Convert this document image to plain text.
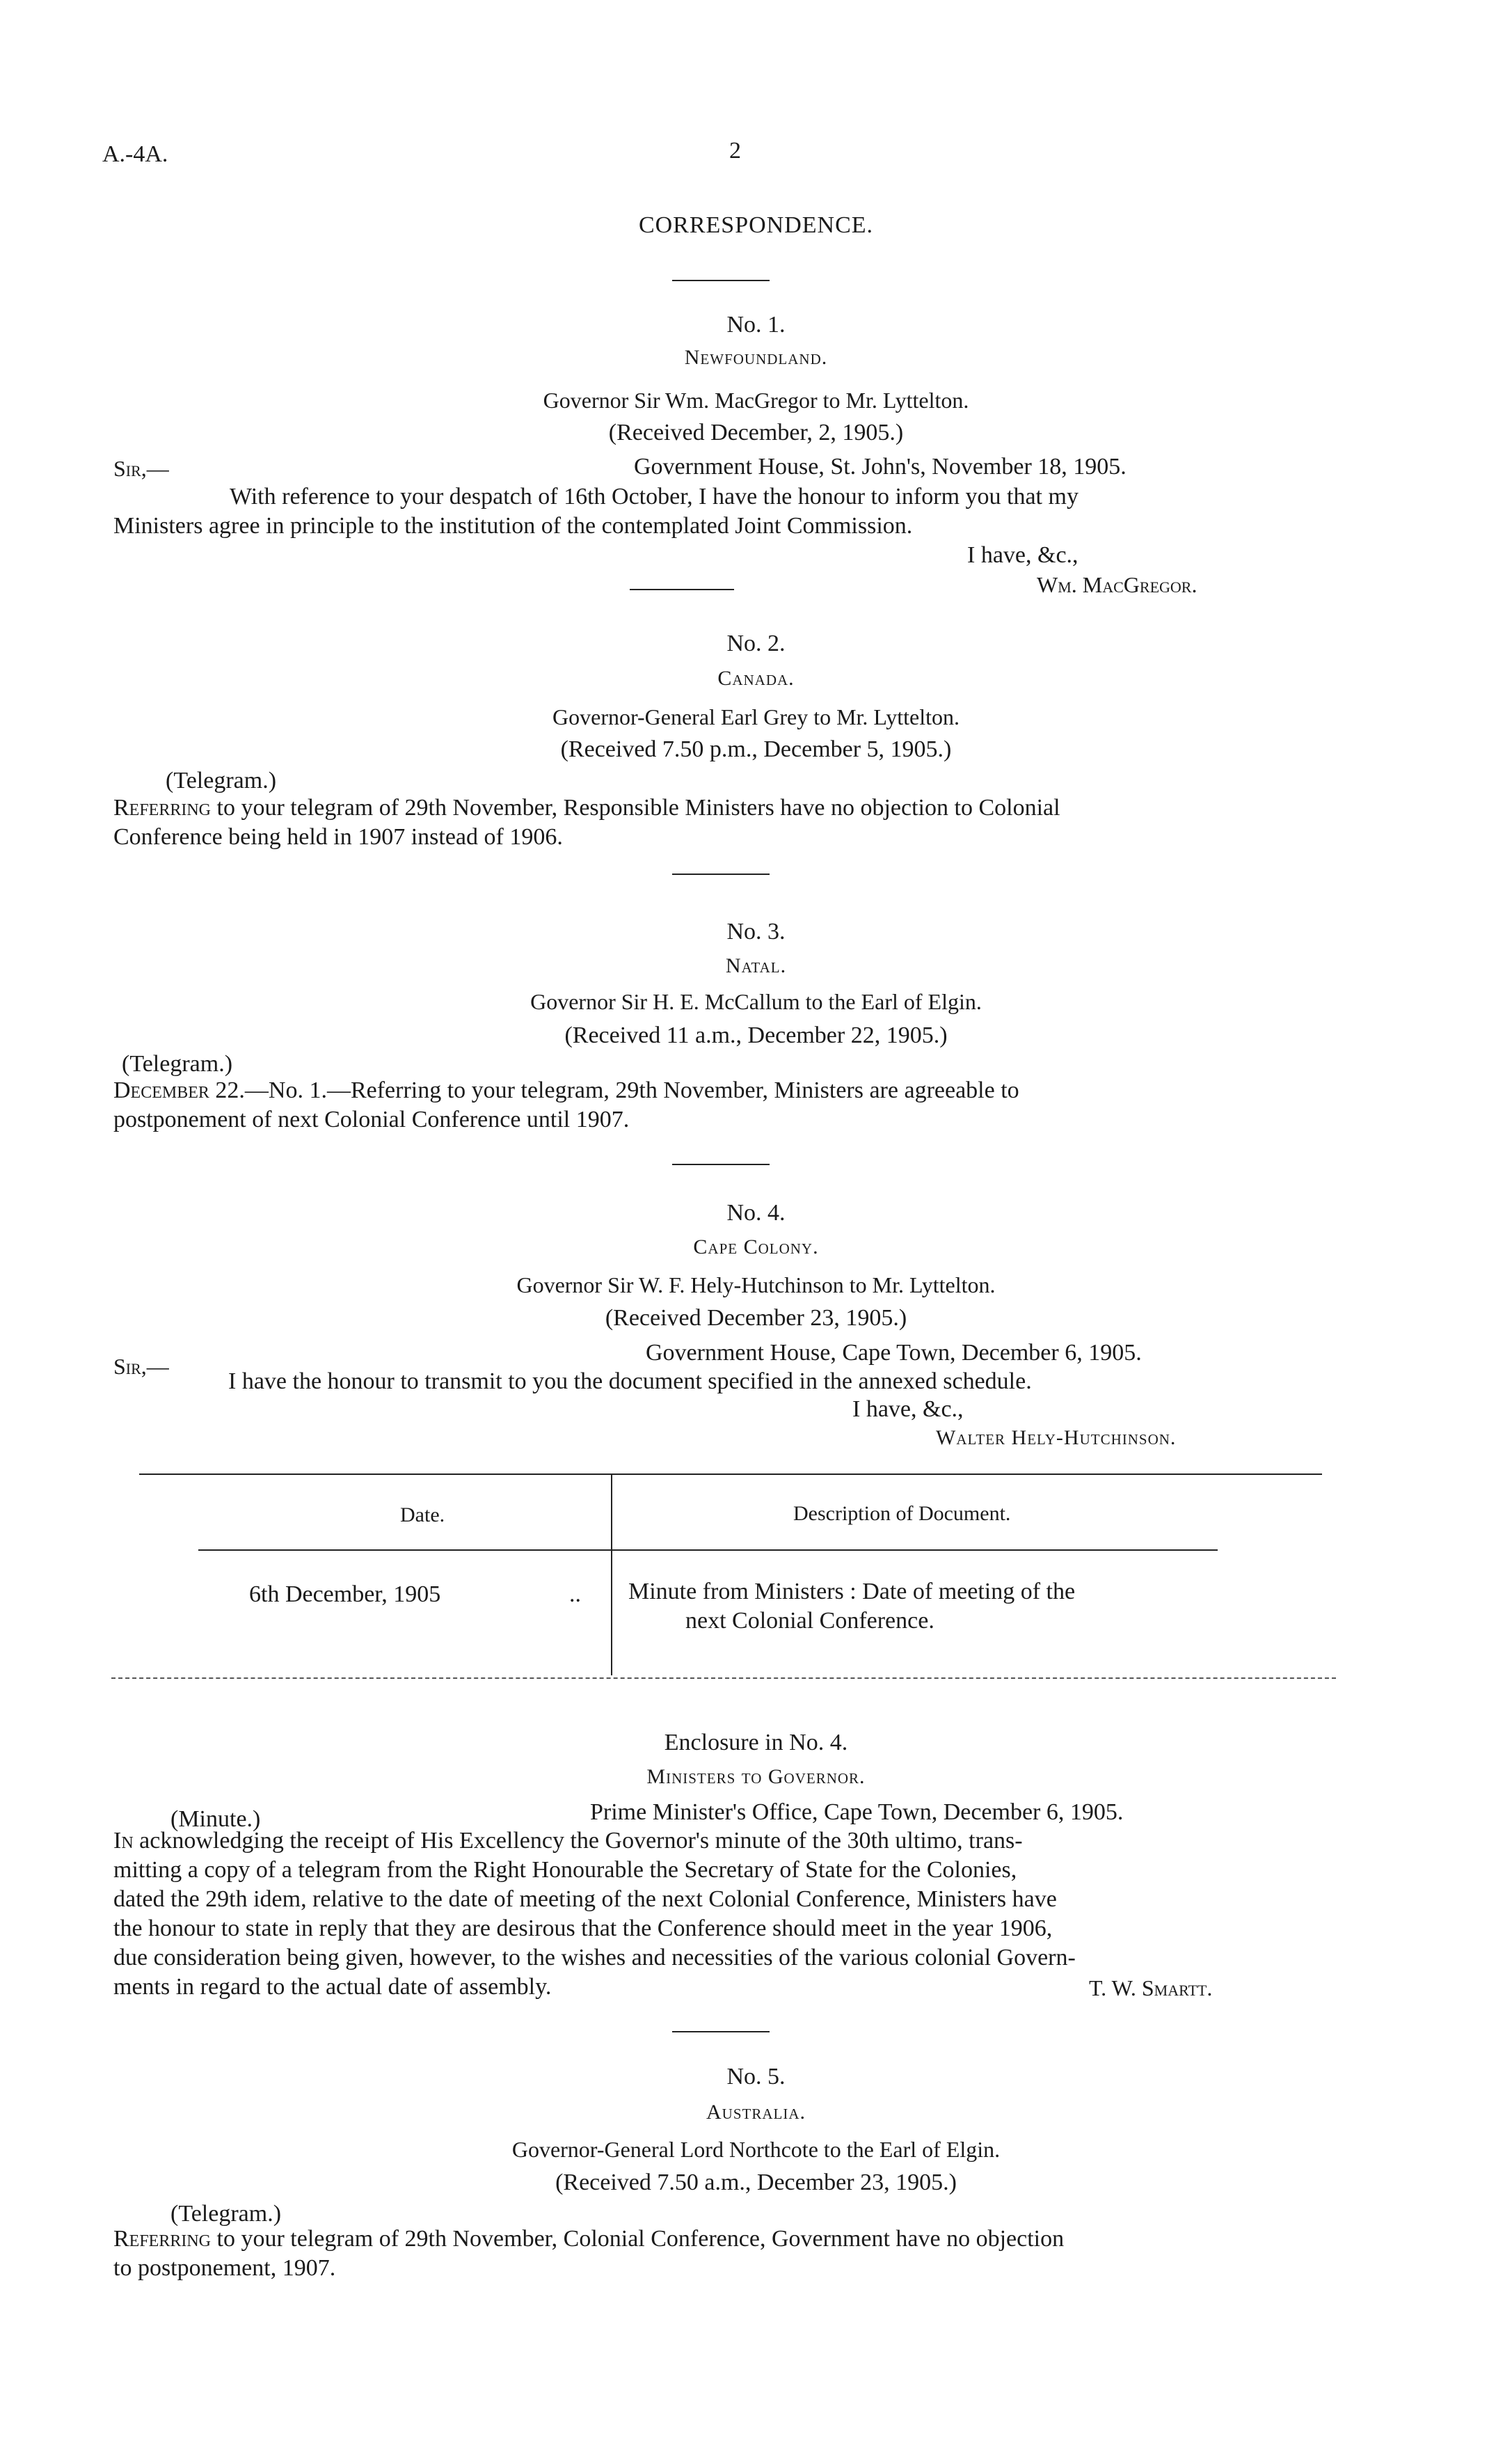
A.-4A.	2
CORRESPONDENCE.
No. 1.
Newfoundland.
Governor Sir Wm. MacGregor to Mr. Lyttelton.
(Received December, 2, 1905.)
Sir,—	Government House, St. John's, November 18, 1905.
With reference to your despatch of 16th October, I have the honour to inform you that my
Ministers agree in principle to the institution of the contemplated Joint Commission.
I have, &c.,
Wm. MacGregor.
No. 2.
Canada.
Governor-General Earl Grey to Mr. Lyttelton.
(Received 7.50 p.m., December 5, 1905.)
(Telegram.)
Referring to your telegram of 29th November, Responsible Ministers have no objection to Colonial
Conference being held in 1907 instead of 1906.
No. 3.
Natal.
Governor Sir H. E. McCallum to the Earl of Elgin.
(Received 11 a.m., December 22, 1905.)
(Telegram.)
December 22.—No. 1.—Referring to your telegram, 29th November, Ministers are agreeable to
postponement of next Colonial Conference until 1907.
No. 4.
Cape Colony.
Governor Sir W. F. Hely-Hutchinson to Mr. Lyttelton.
(Received December 23, 1905.)
Sir,—
Government House, Cape Town, December 6, 1905.
I have the honour to transmit to you the document specified in the annexed schedule.
I have, &c.,
Walter Hely-Hutchinson.
Date.	Description of Document.
6th December, 1905	.. Minute from Ministers : Date of meeting of the
next Colonial Conference.
Enclosure in No. 4.
Ministers to Governor.
(Minute.)	Prime Minister's Office, Cape Town, December 6, 1905.
In acknowledging the receipt of His Excellency the Governor's minute of the 30th ultimo, trans-
mitting a copy of a telegram from the Right Honourable the Secretary of State for the Colonies,
dated the 29th idem, relative to the date of meeting of the next Colonial Conference, Ministers have
the honour to state in reply that they are desirous that the Conference should meet in the year 1906,
due consideration being given, however, to the wishes and necessities of the various colonial Govern-
ments in regard to the actual date of assembly.	T. W. Smartt.
No. 5.
Australia.
Governor-General Lord Northcote to the Earl of Elgin.
(Received 7.50 a.m., December 23, 1905.)
(Telegram.)
Referring to your telegram of 29th November, Colonial Conference, Government have no objection
to postponement, 1907.
